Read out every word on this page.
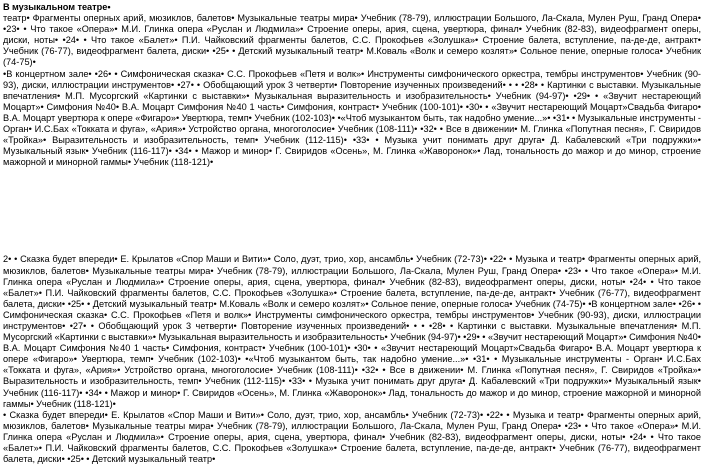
В музыкальном театре•

театр• Фрагменты оперных арий, мюзиклов, балетов• Музыкальные театры мира• Учебник (78-79), иллюстрации Большого, Ла-Скала, Мулен Руш, Гранд Опера• •23• • Что такое «Опера»• М.И. Глинка опера «Руслан и Людмила»• Строение оперы, ария, сцена, увертюра, финал• Учебник (82-83), видеофрагмент оперы, диски, ноты• •24• • Что такое «Балет»• П.И. Чайковский фрагменты балетов, С.С. Прокофьев «Золушка»• Строение балета, вступление, па-де-де, антракт• Учебник (76-77), видеофрагмент балета, диски• •25• • Детский музыкальный театр• М.Коваль «Волк и семеро козлят»• Сольное пение, оперные голоса• Учебник (74-75)•

•В концертном зале• •26• • Симфоническая сказка• С.С. Прокофьев «Петя и волк»• Инструменты симфонического оркестра, тембры инструментов• Учебник (90-93), диски, иллюстрации инструментов• •27• • Обобщающий урок 3 четверти• Повторение изученных произведений• • • •28• • Картинки с выставки. Музыкальные впечатления• М.П. Мусоргский «Картинки с выставки»• Музыкальная выразительность и изобразительность• Учебник (94-97)• •29• • «Звучит нестареющий Моцарт»• Симфония №40• В.А. Моцарт Симфония №40 1 часть• Симфония, контраст• Учебник (100-101)• •30• • «Звучит нестареющий Моцарт»Свадьба Фигаро• В.А. Моцарт увертюра к опере «Фигаро»• Увертюра, темп• Учебник (102-103)• •«Чтоб музыкантом быть, так надобно умение...»• •31• • Музыкальные инструменты - Орган• И.С.Бах «Токката и фуга», «Ария»• Устройство органа, многоголосие• Учебник (108-111)• •32• • Все в движении• М. Глинка «Попутная песня», Г. Свиридов «Тройка»• Выразительность и изобразительность, темп• Учебник (112-115)• •33• • Музыка учит понимать друг друга• Д. Кабалевский «Три подружки»• Музыкальный язык• Учебник (116-117)• •34• • Мажор и минор• Г. Свиридов «Осень», М. Глинка «Жаворонок»• Лад, тональность до мажор и до минор, строение мажорной и минорной гаммы• Учебник (118-121)•

2• • Сказка будет впереди• Е. Крылатов «Спор Маши и Вити»• Соло, дуэт, трио, хор, ансамбль• Учебник (72-73)• •22• • Музыка и театр• Фрагменты оперных арий, мюзиклов, балетов• Музыкальные театры мира• Учебник (78-79), иллюстрации Большого, Ла-Скала, Мулен Руш, Гранд Опера• •23• • Что такое «Опера»• М.И. Глинка опера «Руслан и Людмила»• Строение оперы, ария, сцена, увертюра, финал• Учебник (82-83), видеофрагмент оперы, диски, ноты• •24• • Что такое «Балет»• П.И. Чайковский фрагменты балетов, С.С. Прокофьев «Золушка»• Строение балета, вступление, па-де-де, антракт• Учебник (76-77), видеофрагмент балета, диски• •25• • Детский музыкальный театр• М.Коваль «Волк и семеро козлят»• Сольное пение, оперные голоса• Учебник (74-75)• •В концертном зале• •26• • Симфоническая сказка• С.С. Прокофьев «Петя и волк»• Инструменты симфонического оркестра, тембры инструментов• Учебник (90-93), диски, иллюстрации инструментов• •27• • Обобщающий урок 3 четверти• Повторение изученных произведений• • • •28• • Картинки с выставки. Музыкальные впечатления• М.П. Мусоргский «Картинки с выставки»• Музыкальная выразительность и изобразительность• Учебник (94-97)• •29• • «Звучит нестареющий Моцарт»• Симфония №40• В.А. Моцарт Симфония №40 1 часть• Симфония, контраст• Учебник (100-101)• •30• • «Звучит нестареющий Моцарт»Свадьба Фигаро• В.А. Моцарт увертюра к опере «Фигаро»• Увертюра, темп• Учебник (102-103)• •«Чтоб музыкантом быть, так надобно умение...»• •31• • Музыкальные инструменты - Орган• И.С.Бах «Токката и фуга», «Ария»• Устройство органа, многоголосие• Учебник (108-111)• •32• • Все в движении• М. Глинка «Попутная песня», Г. Свиридов «Тройка»• Выразительность и изобразительность, темп• Учебник (112-115)• •33• • Музыка учит понимать друг друга• Д. Кабалевский «Три подружки»• Музыкальный язык• Учебник (116-117)• •34• • Мажор и минор• Г. Свиридов «Осень», М. Глинка «Жаворонок»• Лад, тональность до мажор и до минор, строение мажорной и минорной гаммы• Учебник (118-121)•

• Сказка будет впереди• Е. Крылатов «Спор Маши и Вити»• Соло, дуэт, трио, хор, ансамбль• Учебник (72-73)• •22• • Музыка и театр• Фрагменты оперных арий, мюзиклов, балетов• Музыкальные театры мира• Учебник (78-79), иллюстрации Большого, Ла-Скала, Мулен Руш, Гранд Опера• •23• • Что такое «Опера»• М.И. Глинка опера «Руслан и Людмила»• Строение оперы, ария, сцена, увертюра, финал• Учебник (82-83), видеофрагмент оперы, диски, ноты• •24• • Что такое «Балет»• П.И. Чайковский фрагменты балетов, С.С. Прокофьев «Золушка»• Строение балета, вступление, па-де-де, антракт• Учебник (76-77), видеофрагмент балета, диски• •25• • Детский музыкальный театр•
